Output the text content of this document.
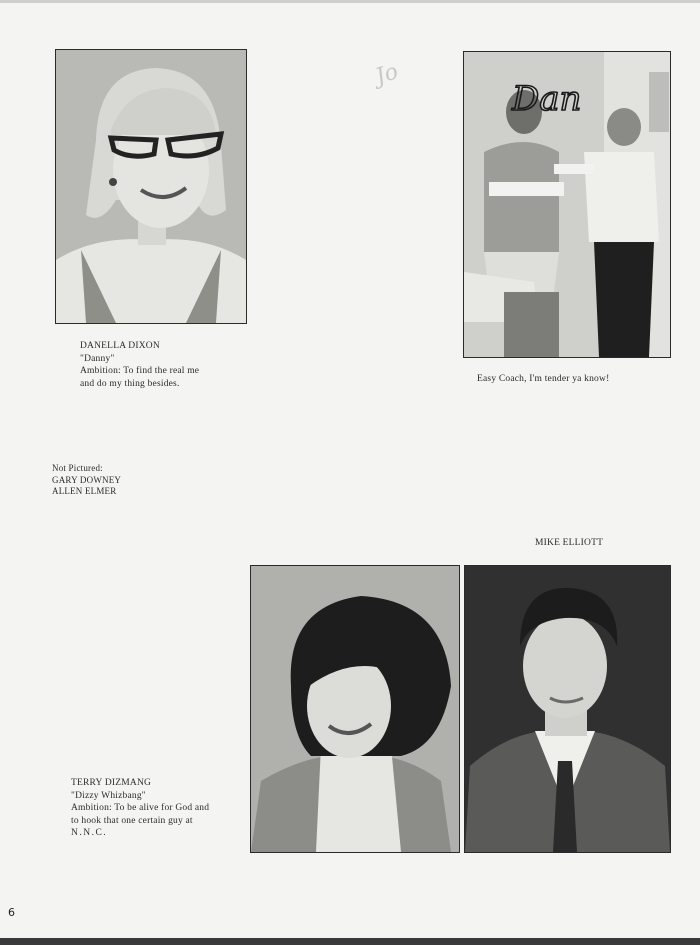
Jo
DANELLA DIXON
"Danny"
Ambition: To find the real me
and do my thing besides.
Dan
Easy Coach, I'm tender ya know!
Not Pictured:
GARY DOWNEY
ALLEN ELMER
MIKE ELLIOTT
TERRY DIZMANG
"Dizzy Whizbang"
Ambition: To be alive for God and
to hook that one certain guy at
N.N.C.
6
